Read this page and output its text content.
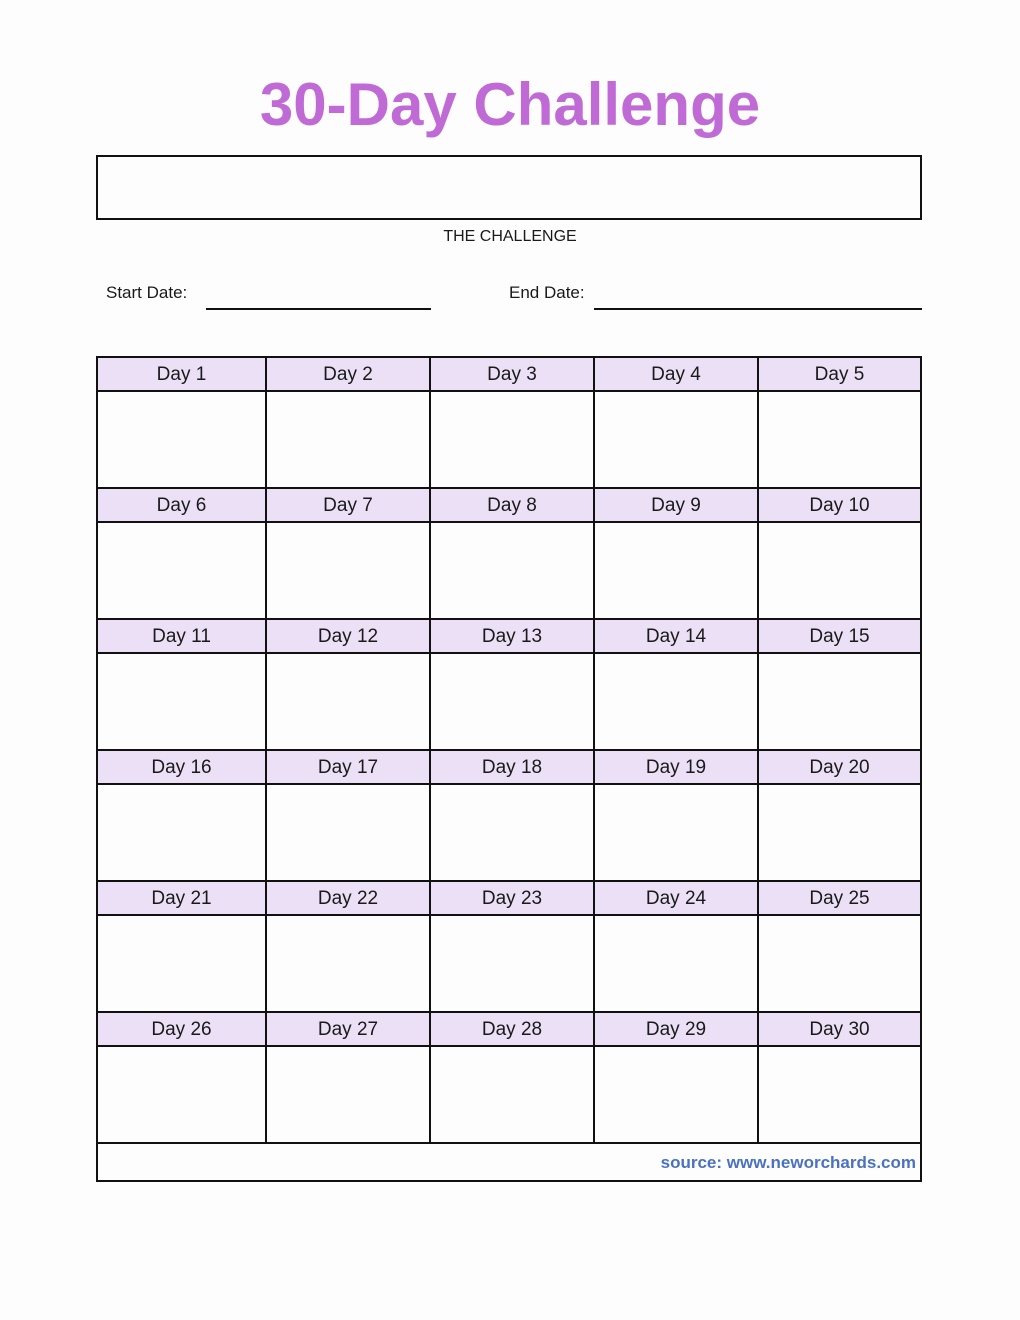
30-Day Challenge
THE CHALLENGE
Start Date:	End Date:
Day 1	Day 2	Day 3	Day 4	Day 5
Day 6	Day 7	Day 8	Day 9	Day 10
Day 11	Day 12	Day 13	Day 14	Day 15
Day 16	Day 17	Day 18	Day 19	Day 20
Day 21	Day 22	Day 23	Day 24	Day 25
Day 26	Day 27	Day 28	Day 29	Day 30
source: www.neworchards.com
